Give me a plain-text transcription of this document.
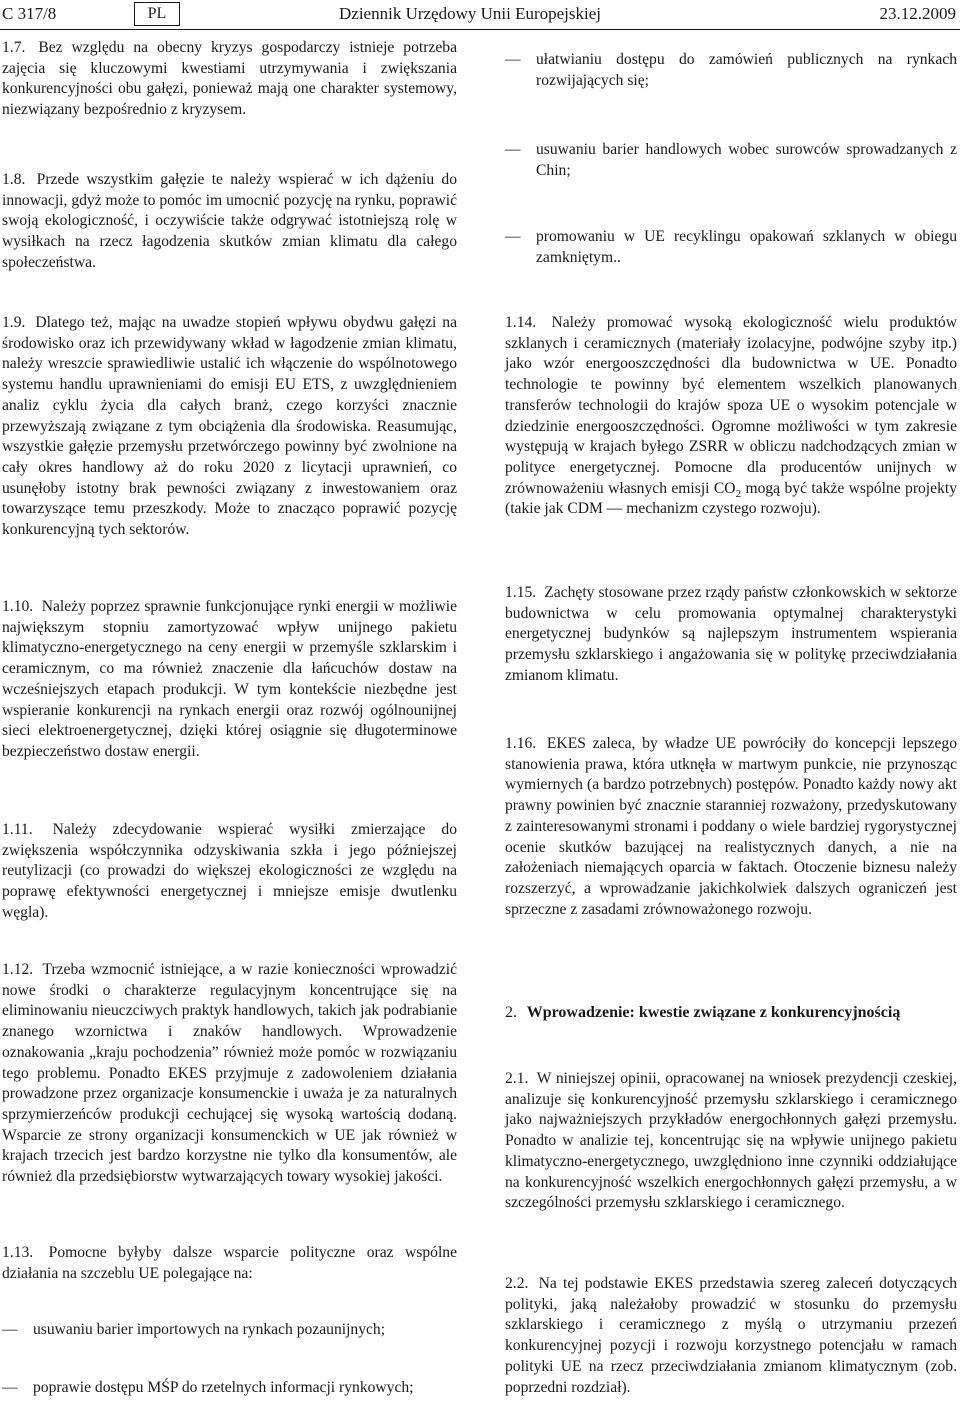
C 317/8	PL	Dziennik Urzędowy Unii Europejskiej	23.12.2009

1.7. Bez względu na obecny kryzys gospodarczy istnieje potrzeba zajęcia się kluczowymi kwestiami utrzymywania i zwiększania konkurencyjności obu gałęzi, ponieważ mają one charakter systemowy, niezwiązany bezpośrednio z kryzysem.

1.8. Przede wszystkim gałęzie te należy wspierać w ich dążeniu do innowacji, gdyż może to pomóc im umocnić pozycję na rynku, poprawić swoją ekologiczność, i oczywiście także odgrywać istotniejszą rolę w wysiłkach na rzecz łagodzenia skutków zmian klimatu dla całego społeczeństwa.

1.9. Dlatego też, mając na uwadze stopień wpływu obydwu gałęzi na środowisko oraz ich przewidywany wkład w łagodzenie zmian klimatu, należy wreszcie sprawiedliwie ustalić ich włączenie do wspólnotowego systemu handlu uprawnieniami do emisji EU ETS, z uwzględnieniem analiz cyklu życia dla całych branż, czego korzyści znacznie przewyższają związane z tym obciążenia dla środowiska. Reasumując, wszystkie gałęzie przemysłu przetwórczego powinny być zwolnione na cały okres handlowy aż do roku 2020 z licytacji uprawnień, co usunęłoby istotny brak pewności związany z inwestowaniem oraz towarzyszące temu przeszkody. Może to znacząco poprawić pozycję konkurencyjną tych sektorów.

1.10. Należy poprzez sprawnie funkcjonujące rynki energii w możliwie największym stopniu zamortyzować wpływ unijnego pakietu klimatyczno-energetycznego na ceny energii w przemyśle szklarskim i ceramicznym, co ma również znaczenie dla łańcuchów dostaw na wcześniejszych etapach produkcji. W tym kontekście niezbędne jest wspieranie konkurencji na rynkach energii oraz rozwój ogólnounijnej sieci elektroenergetycznej, dzięki której osiągnie się długoterminowe bezpieczeństwo dostaw energii.

1.11. Należy zdecydowanie wspierać wysiłki zmierzające do zwiększenia współczynnika odzyskiwania szkła i jego późniejszej reutylizacji (co prowadzi do większej ekologiczności ze względu na poprawę efektywności energetycznej i mniejsze emisje dwutlenku węgla).

1.12. Trzeba wzmocnić istniejące, a w razie konieczności wprowadzić nowe środki o charakterze regulacyjnym koncentrujące się na eliminowaniu nieuczciwych praktyk handlowych, takich jak podrabianie znanego wzornictwa i znaków handlowych. Wprowadzenie oznakowania „kraju pochodzenia” również może pomóc w rozwiązaniu tego problemu. Ponadto EKES przyjmuje z zadowoleniem działania prowadzone przez organizacje konsumenckie i uważa je za naturalnych sprzymierzeńców produkcji cechującej się wysoką wartością dodaną. Wsparcie ze strony organizacji konsumenckich w UE jak również w krajach trzecich jest bardzo korzystne nie tylko dla konsumentów, ale również dla przedsiębiorstw wytwarzających towary wysokiej jakości.

1.13. Pomocne byłyby dalsze wsparcie polityczne oraz wspólne działania na szczeblu UE polegające na:

— usuwaniu barier importowych na rynkach pozaunijnych;
— poprawie dostępu MŚP do rzetelnych informacji rynkowych;
— ułatwianiu dostępu do zamówień publicznych na rynkach rozwijających się;
— usuwaniu barier handlowych wobec surowców sprowadzanych z Chin;
— promowaniu w UE recyklingu opakowań szklanych w obiegu zamkniętym..

1.14. Należy promować wysoką ekologiczność wielu produktów szklanych i ceramicznych (materiały izolacyjne, podwójne szyby itp.) jako wzór energooszczędności dla budownictwa w UE. Ponadto technologie te powinny być elementem wszelkich planowanych transferów technologii do krajów spoza UE o wysokim potencjale w dziedzinie energooszczędności. Ogromne możliwości w tym zakresie występują w krajach byłego ZSRR w obliczu nadchodzących zmian w polityce energetycznej. Pomocne dla producentów unijnych w zrównoważeniu własnych emisji $CO_2$ mogą być także wspólne projekty (takie jak CDM — mechanizm czystego rozwoju).

1.15. Zachęty stosowane przez rządy państw członkowskich w sektorze budownictwa w celu promowania optymalnej charakterystyki energetycznej budynków są najlepszym instrumentem wspierania przemysłu szklarskiego i angażowania się w politykę przeciwdziałania zmianom klimatu.

1.16. EKES zaleca, by władze UE powróciły do koncepcji lepszego stanowienia prawa, która utknęła w martwym punkcie, nie przynosząc wymiernych (a bardzo potrzebnych) postępów. Ponadto każdy nowy akt prawny powinien być znacznie staranniej rozważony, przedyskutowany z zainteresowanymi stronami i poddany o wiele bardziej rygorystycznej ocenie skutków bazującej na realistycznych danych, a nie na założeniach niemających oparcia w faktach. Otoczenie biznesu należy rozszerzyć, a wprowadzanie jakichkolwiek dalszych ograniczeń jest sprzeczne z zasadami zrównoważonego rozwoju.

2. Wprowadzenie: kwestie związane z konkurencyjnością

2.1. W niniejszej opinii, opracowanej na wniosek prezydencji czeskiej, analizuje się konkurencyjność przemysłu szklarskiego i ceramicznego jako najważniejszych przykładów energochłonnych gałęzi przemysłu. Ponadto w analizie tej, koncentrując się na wpływie unijnego pakietu klimatyczno-energetycznego, uwzględniono inne czynniki oddziałujące na konkurencyjność wszelkich energochłonnych gałęzi przemysłu, a w szczególności przemysłu szklarskiego i ceramicznego.

2.2. Na tej podstawie EKES przedstawia szereg zaleceń dotyczących polityki, jaką należałoby prowadzić w stosunku do przemysłu szklarskiego i ceramicznego z myślą o utrzymaniu przezeń konkurencyjnej pozycji i rozwoju korzystnego potencjału w ramach polityki UE na rzecz przeciwdziałania zmianom klimatycznym (zob. poprzedni rozdział).
